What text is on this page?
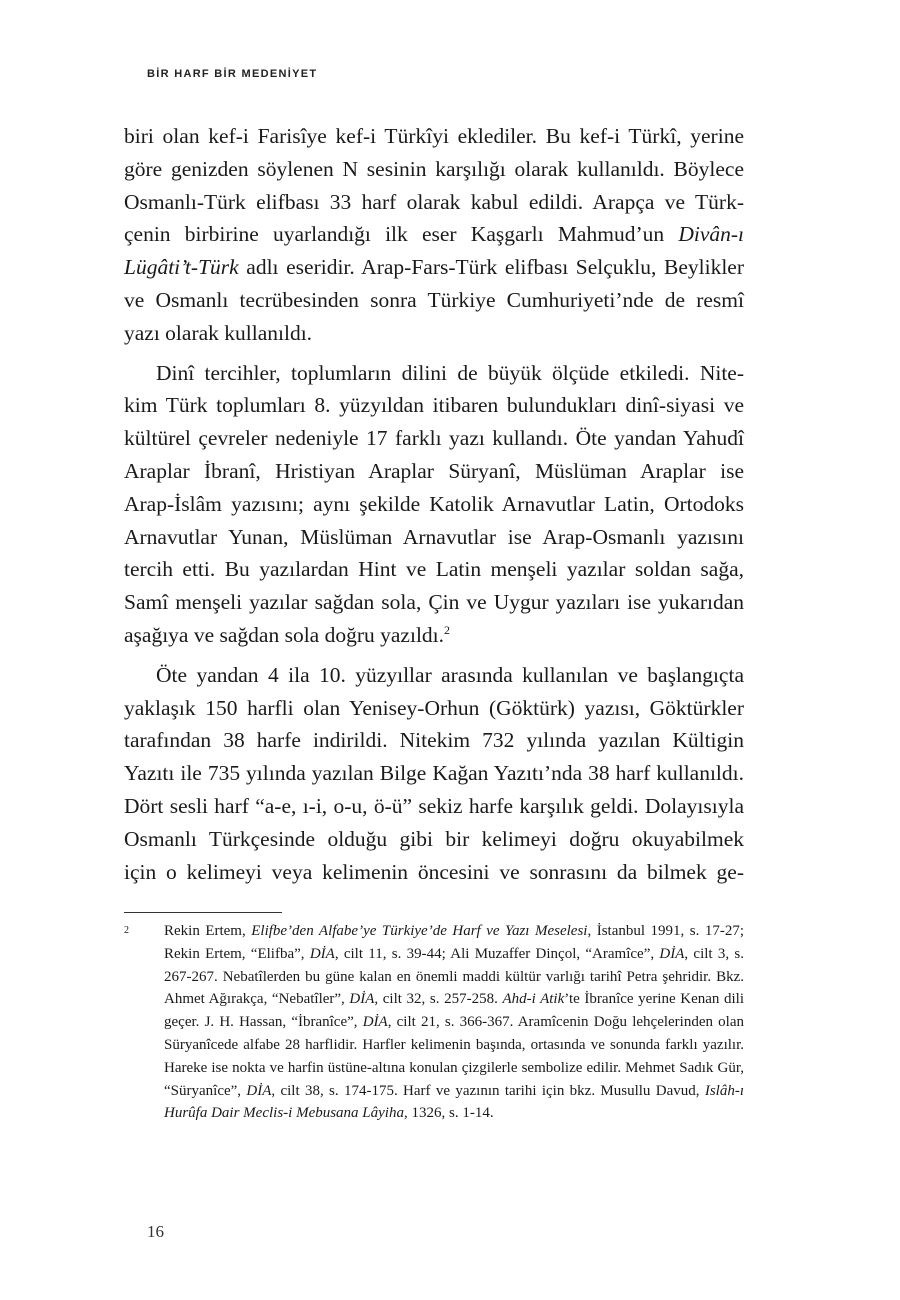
BİR HARF BİR MEDENİYET
biri olan kef-i Farisîye kef-i Türkîyi eklediler. Bu kef-i Türkî, yerine
göre genizden söylenen N sesinin karşılığı olarak kullanıldı. Böylece
Osmanlı-Türk elifbası 33 harf olarak kabul edildi. Arapça ve Türk-
çenin birbirine uyarlandığı ilk eser Kaşgarlı Mahmud’un Divân-ı
Lügâti’t-Türk adlı eseridir. Arap-Fars-Türk elifbası Selçuklu, Beylikler
ve Osmanlı tecrübesinden sonra Türkiye Cumhuriyeti’nde de resmî
yazı olarak kullanıldı.
Dinî tercihler, toplumların dilini de büyük ölçüde etkiledi. Nite-
kim Türk toplumları 8. yüzyıldan itibaren bulundukları dinî-siyasi ve
kültürel çevreler nedeniyle 17 farklı yazı kullandı. Öte yandan Yahudî
Araplar İbranî, Hristiyan Araplar Süryanî, Müslüman Araplar ise
Arap-İslâm yazısını; aynı şekilde Katolik Arnavutlar Latin, Ortodoks
Arnavutlar Yunan, Müslüman Arnavutlar ise Arap-Osmanlı yazısını
tercih etti. Bu yazılardan Hint ve Latin menşeli yazılar soldan sağa,
Samî menşeli yazılar sağdan sola, Çin ve Uygur yazıları ise yukarıdan
aşağıya ve sağdan sola doğru yazıldı.$^2$
Öte yandan 4 ila 10. yüzyıllar arasında kullanılan ve başlangıçta
yaklaşık 150 harfli olan Yenisey-Orhun (Göktürk) yazısı, Göktürkler
tarafından 38 harfe indirildi. Nitekim 732 yılında yazılan Kültigin
Yazıtı ile 735 yılında yazılan Bilge Kağan Yazıtı’nda 38 harf kullanıldı.
Dört sesli harf “a-e, ı-i, o-u, ö-ü” sekiz harfe karşılık geldi. Dolayısıyla
Osmanlı Türkçesinde olduğu gibi bir kelimeyi doğru okuyabilmek
için o kelimeyi veya kelimenin öncesini ve sonrasını da bilmek ge-
2 Rekin Ertem, Elifbe’den Alfabe’ye Türkiye’de Harf ve Yazı Meselesi, İstanbul 1991, s. 17-27; Rekin Ertem, “Elifba”, DİA, cilt 11, s. 39-44; Ali Muzaffer Dinçol, “Aramîce”, DİA, cilt 3, s. 267-267. Nebatîlerden bu güne kalan en önemli maddi kültür varlığı tarihî Petra şehridir. Bkz. Ahmet Ağırakça, “Nebatîler”, DİA, cilt 32, s. 257-258. Ahd-i Atik’te İbranîce yerine Kenan dili geçer. J. H. Hassan, “İbranîce”, DİA, cilt 21, s. 366-367. Aramîcenin Doğu lehçelerinden olan Süryanîcede alfabe 28 harflidir. Harfler kelimenin başında, ortasında ve sonunda farklı yazılır. Hareke ise nokta ve harfin üstüne-altına konulan çizgilerle sembolize edilir. Mehmet Sadık Gür, “Süryanîce”, DİA, cilt 38, s. 174-175. Harf ve yazının tarihi için bkz. Musullu Davud, Islâh-ı Hurûfa Dair Meclis-i Mebusana Lâyiha, 1326, s. 1-14.
16
